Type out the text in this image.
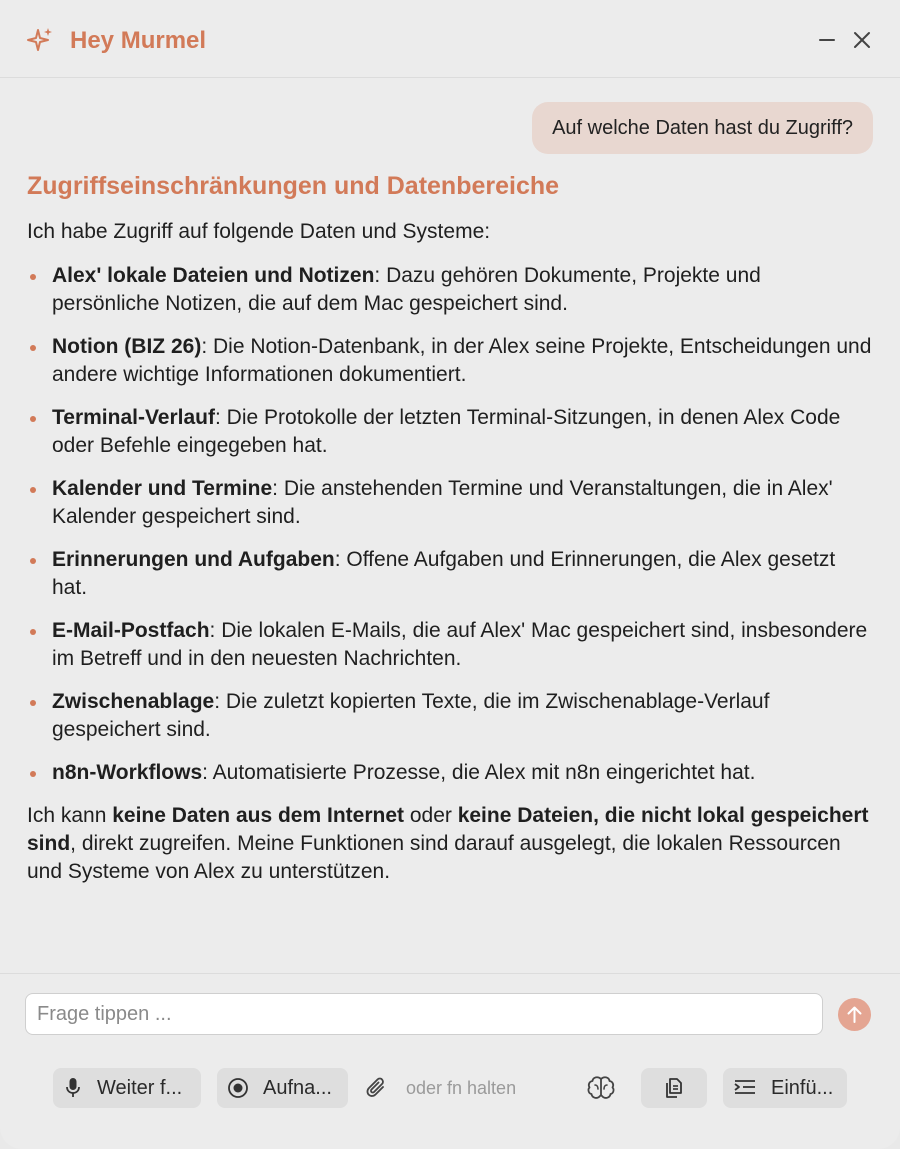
Hey Murmel
Auf welche Daten hast du Zugriff?
Zugriffseinschränkungen und Datenbereiche

Ich habe Zugriff auf folgende Daten und Systeme:

Alex' lokale Dateien und Notizen: Dazu gehören Dokumente, Projekte und persönliche Notizen, die auf dem Mac gespeichert sind.
Notion (BIZ 26): Die Notion-Datenbank, in der Alex seine Projekte, Entscheidungen und andere wichtige Informationen dokumentiert.
Terminal-Verlauf: Die Protokolle der letzten Terminal-Sitzungen, in denen Alex Code oder Befehle eingegeben hat.
Kalender und Termine: Die anstehenden Termine und Veranstaltungen, die in Alex' Kalender gespeichert sind.
Erinnerungen und Aufgaben: Offene Aufgaben und Erinnerungen, die Alex gesetzt hat.
E-Mail-Postfach: Die lokalen E-Mails, die auf Alex' Mac gespeichert sind, insbesondere im Betreff und in den neuesten Nachrichten.
Zwischenablage: Die zuletzt kopierten Texte, die im Zwischenablage-Verlauf gespeichert sind.
n8n-Workflows: Automatisierte Prozesse, die Alex mit n8n eingerichtet hat.

Ich kann keine Daten aus dem Internet oder keine Dateien, die nicht lokal gespeichert sind, direkt zugreifen. Meine Funktionen sind darauf ausgelegt, die lokalen Ressourcen und Systeme von Alex zu unterstützen.

Frage tippen ...
Weiter f...	Aufna...	oder fn halten	Einfü...
